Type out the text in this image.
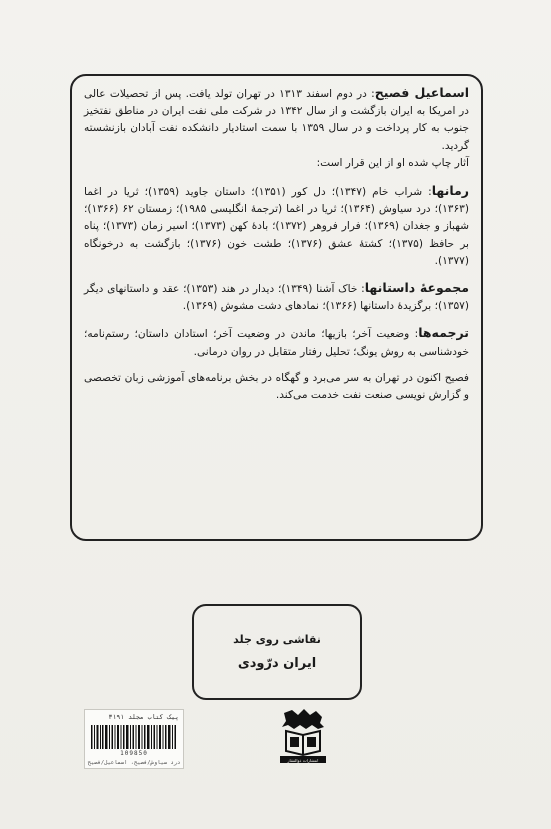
اسماعیل فصیح: در دوم اسفند ۱۳۱۳ در تهران تولد یافت. پس از تحصیلات عالی در امریکا به ایران بازگشت و از سال ۱۳۴۲ در شرکت ملی نفت ایران در مناطق نفتخیز جنوب به کار پرداخت و در سال ۱۳۵۹ با سمت استادیار دانشکده نفت آبادان بازنشسته گردید.
آثار چاپ شده او از این قرار است:

رمانها: شراب خام (۱۳۴۷)؛ دل کور (۱۳۵۱)؛ داستان جاوید (۱۳۵۹)؛ ثریا در اغما (۱۳۶۳)؛ درد سیاوش (۱۳۶۴)؛ ثریا در اغما (ترجمهٔ انگلیسی ۱۹۸۵)؛ زمستان ۶۲ (۱۳۶۶)؛ شهباز و جغدان (۱۳۶۹)؛ فرار فروهر (۱۳۷۲)؛ بادهٔ کهن (۱۳۷۳)؛ اسیر زمان (۱۳۷۳)؛ پناه بر حافظ (۱۳۷۵)؛ کشتهٔ عشق (۱۳۷۶)؛ طشت خون (۱۳۷۶)؛ بازگشت به درخونگاه (۱۳۷۷).

مجموعهٔ داستانها: خاک آشنا (۱۳۴۹)؛ دیدار در هند (۱۳۵۳)؛ عقد و داستانهای دیگر (۱۳۵۷)؛ برگزیدهٔ داستانها (۱۳۶۶)؛ نمادهای دشت مشوش (۱۳۶۹).

ترجمه‌ها: وضعیت آخر؛ بازیها؛ ماندن در وضعیت آخر؛ استادان داستان؛ رستم‌نامه؛ خودشناسی به روش یونگ؛ تحلیل رفتار متقابل در روان درمانی.

فصیح اکنون در تهران به سر می‌برد و گهگاه در بخش برنامه‌های آموزشی زبان تخصصی و گزارش نویسی صنعت نفت خدمت می‌کند.

نقاشی روی جلد
ایران درّودی
پیک کتاب مجلد ۳۱۹۱
109850
درد سیاوش/فصیح، اسماعیل/فصیح	انتشارات ذوالفقار
